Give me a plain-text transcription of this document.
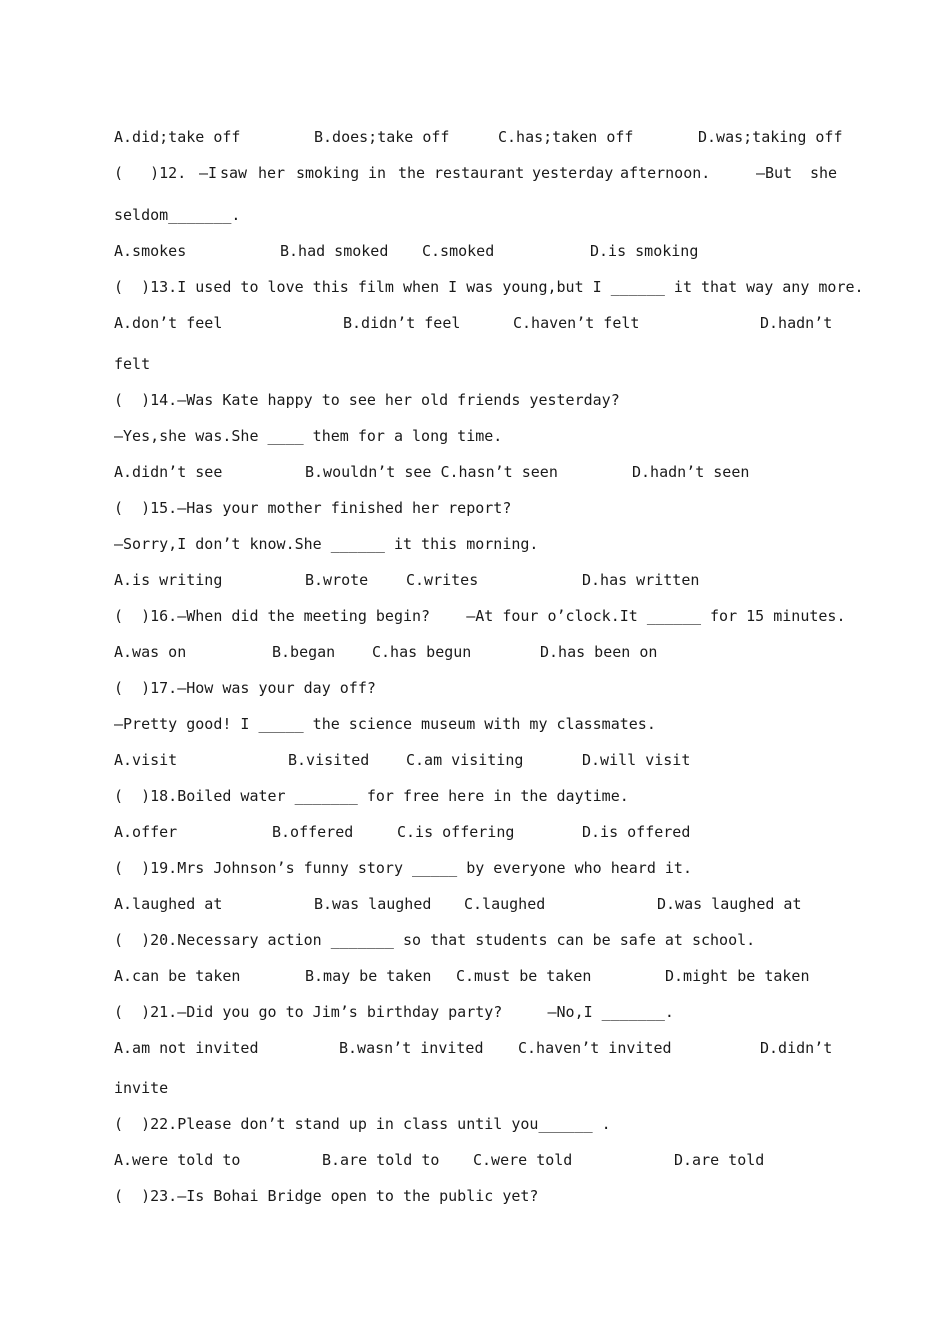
A.did;take off	B.does;take off	C.has;taken off	D.was;taking off
(   )12. —I saw her smoking in the restaurant yesterday afternoon.	—But she
seldom_______.
A.smokes	B.had smoked C.smoked	D.is smoking
(  )13.I used to love this film when I was young,but I ______ it that way any more.
A.don’t feel	B.didn’t feel	C.haven’t felt	D.hadn’t
felt
(  )14.—Was Kate happy to see her old friends yesterday?
—Yes,she was.She ____ them for a long time.
A.didn’t see	B.wouldn’t see C.hasn’t seen	D.hadn’t seen
(  )15.—Has your mother finished her report?
—Sorry,I don’t know.She ______ it this morning.
A.is writing	B.wrote	C.writes	D.has written
(  )16.—When did the meeting begin?    —At four o’clock.It ______ for 15 minutes.
A.was on	B.began C.has begun	D.has been on
(  )17.—How was your day off?
—Pretty good! I _____ the science museum with my classmates.
A.visit	B.visited C.am visiting	D.will visit
(  )18.Boiled water _______ for free here in the daytime.
A.offer	B.offered	C.is offering	D.is offered
(  )19.Mrs Johnson’s funny story _____ by everyone who heard it.
A.laughed at	B.was laughed C.laughed	D.was laughed at
(  )20.Necessary action _______ so that students can be safe at school.
A.can be taken	B.may be taken C.must be taken	D.might be taken
(  )21.—Did you go to Jim’s birthday party?     —No,I _______.
A.am not invited	B.wasn’t invited C.haven’t invited	D.didn’t
invite
(  )22.Please don’t stand up in class until you______ .
A.were told to	B.are told to C.were told	D.are told
(  )23.—Is Bohai Bridge open to the public yet?
